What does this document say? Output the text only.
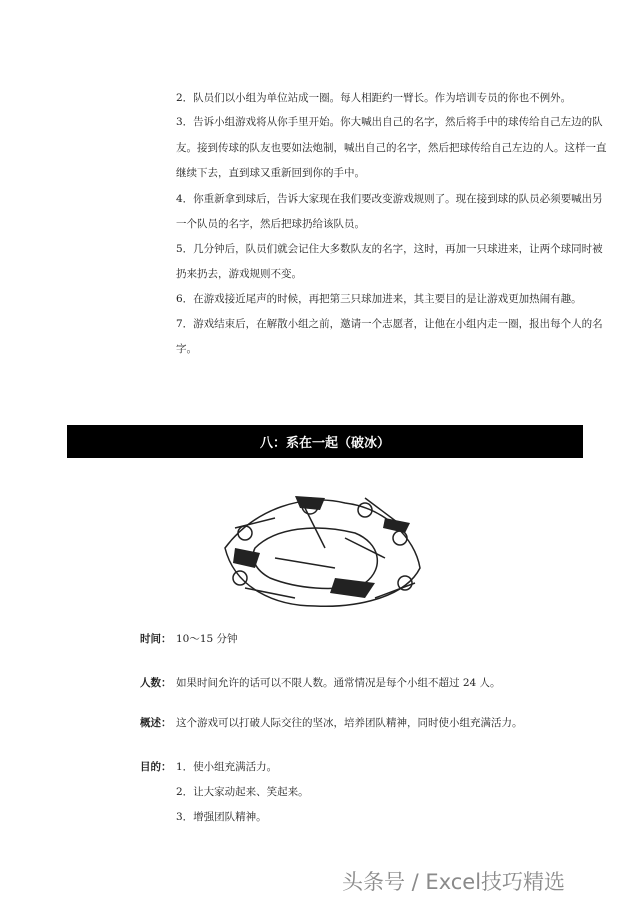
2．队员们以小组为单位站成一圈。每人相距约一臂长。作为培训专员的你也不例外。
3．告诉小组游戏将从你手里开始。你大喊出自己的名字，然后将手中的球传给自己左边的队
友。接到传球的队友也要如法炮制，喊出自己的名字，然后把球传给自己左边的人。这样一直
继续下去，直到球又重新回到你的手中。
4．你重新拿到球后，告诉大家现在我们要改变游戏规则了。现在接到球的队员必须要喊出另
一个队员的名字，然后把球扔给该队员。
5．几分钟后，队员们就会记住大多数队友的名字，这时，再加一只球进来，让两个球同时被
扔来扔去，游戏规则不变。
6．在游戏接近尾声的时候，再把第三只球加进来，其主要目的是让游戏更加热闹有趣。
7．游戏结束后，在解散小组之前，邀请一个志愿者，让他在小组内走一圈，报出每个人的名
字。
八：系在一起（破冰）
时间： 10～15 分钟
人数： 如果时间允许的话可以不限人数。通常情况是每个小组不超过 24 人。
概述： 这个游戏可以打破人际交往的坚冰，培养团队精神，同时使小组充满活力。
目的： 1．使小组充满活力。
2．让大家动起来、笑起来。
3．增强团队精神。
头条号 / Excel技巧精选
